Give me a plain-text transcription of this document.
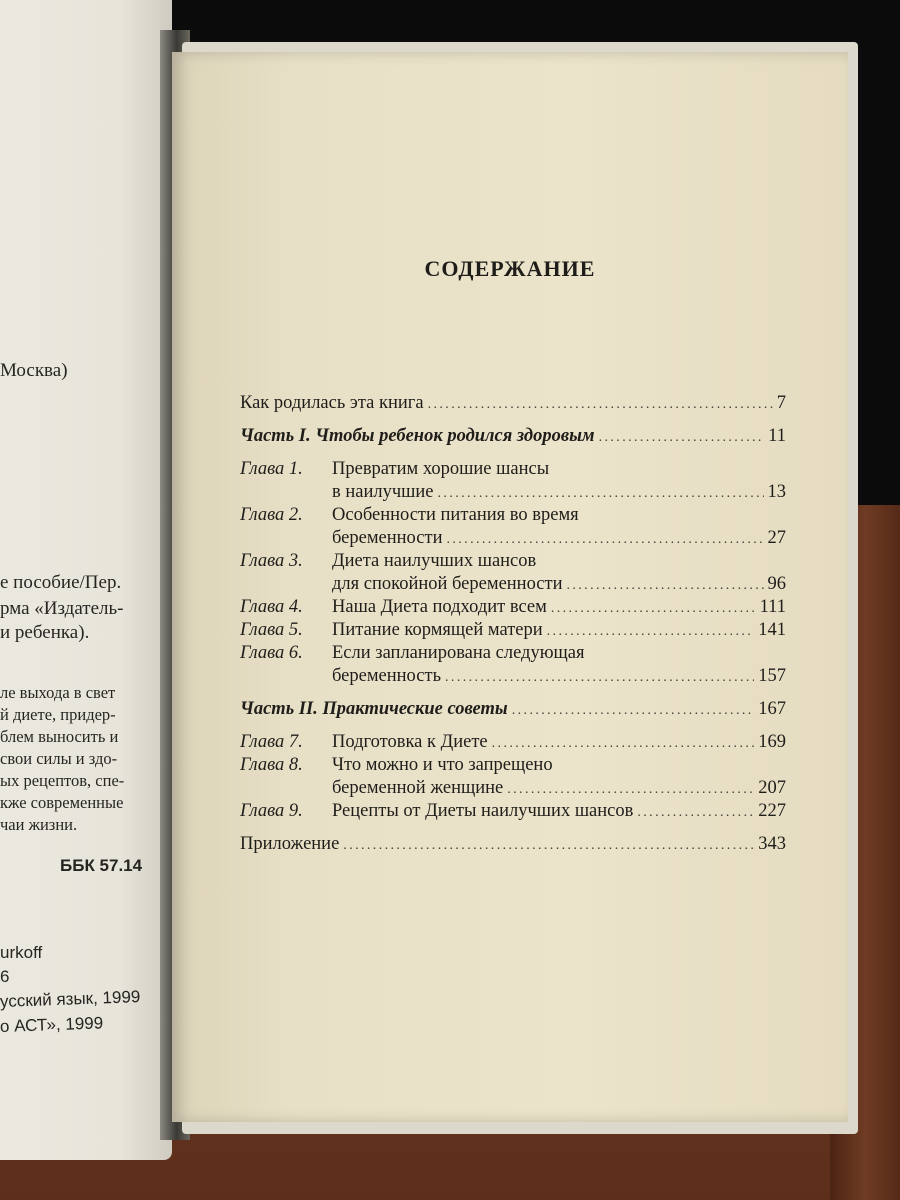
Москва)
е пособие/Пер.
рма «Издатель-
и ребенка).
ле выхода в свет
й диете, придер-
блем выносить и
свои силы и здо-
ых рецептов, спе-
кже современные
чаи жизни.
ББК 57.14
urkoff
6
усский язык, 1999
о АСТ», 1999
СОДЕРЖАНИЕ
Как родилась эта книга .....	7
Часть I. Чтобы ребенок родился здоровым .....	11
Глава 1.	Превратим хорошие шансы
в наилучшие .....	13
Глава 2.	Особенности питания во время
беременности .....	27
Глава 3.	Диета наилучших шансов
для спокойной беременности .....	96
Глава 4.	Наша Диета подходит всем .....	111
Глава 5.	Питание кормящей матери .....	141
Глава 6.	Если запланирована следующая
беременность .....	157
Часть II. Практические советы .....	167
Глава 7.	Подготовка к Диете .....	169
Глава 8.	Что можно и что запрещено
беременной женщине .....	207
Глава 9.	Рецепты от Диеты наилучших шансов .....	227
Приложение .....	343
